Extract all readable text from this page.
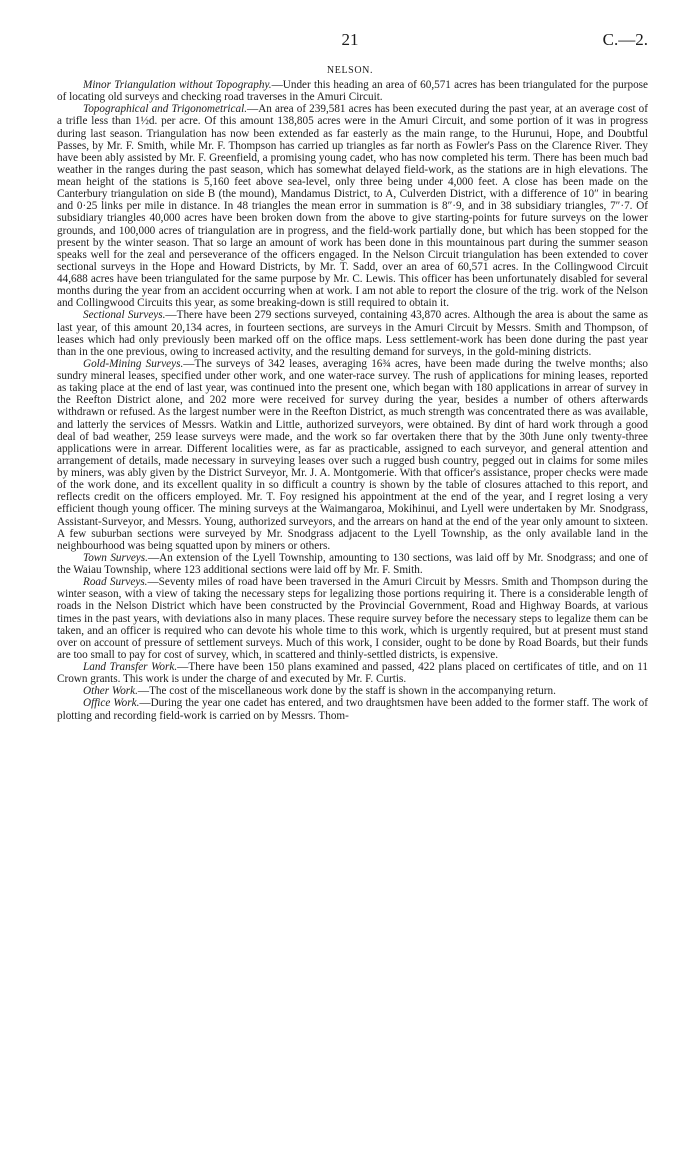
21	C.—2.
NELSON.

Minor Triangulation without Topography.—Under this heading an area of 60,571 acres has been triangulated for the purpose of locating old surveys and checking road traverses in the Amuri Circuit.

Topographical and Trigonometrical.—An area of 239,581 acres has been executed during the past year, at an average cost of a trifle less than 1½d. per acre. Of this amount 138,805 acres were in the Amuri Circuit, and some portion of it was in progress during last season. Triangulation has now been extended as far easterly as the main range, to the Hurunui, Hope, and Doubtful Passes, by Mr. F. Smith, while Mr. F. Thompson has carried up triangles as far north as Fowler's Pass on the Clarence River. They have been ably assisted by Mr. F. Greenfield, a promising young cadet, who has now completed his term. There has been much bad weather in the ranges during the past season, which has somewhat delayed field-work, as the stations are in high elevations. The mean height of the stations is 5,160 feet above sea-level, only three being under 4,000 feet. A close has been made on the Canterbury triangulation on side B (the mound), Mandamus District, to A, Culverden District, with a difference of 10″ in bearing and 0·25 links per mile in distance. In 48 triangles the mean error in summation is 8″·9, and in 38 subsidiary triangles, 7″·7. Of subsidiary triangles 40,000 acres have been broken down from the above to give starting-points for future surveys on the lower grounds, and 100,000 acres of triangulation are in progress, and the field-work partially done, but which has been stopped for the present by the winter season. That so large an amount of work has been done in this mountainous part during the summer season speaks well for the zeal and perseverance of the officers engaged. In the Nelson Circuit triangulation has been extended to cover sectional surveys in the Hope and Howard Districts, by Mr. T. Sadd, over an area of 60,571 acres. In the Collingwood Circuit 44,688 acres have been triangulated for the same purpose by Mr. C. Lewis. This officer has been unfortunately disabled for several months during the year from an accident occurring when at work. I am not able to report the closure of the trig. work of the Nelson and Collingwood Circuits this year, as some breaking-down is still required to obtain it.

Sectional Surveys.—There have been 279 sections surveyed, containing 43,870 acres. Although the area is about the same as last year, of this amount 20,134 acres, in fourteen sections, are surveys in the Amuri Circuit by Messrs. Smith and Thompson, of leases which had only previously been marked off on the office maps. Less settlement-work has been done during the past year than in the one previous, owing to increased activity, and the resulting demand for surveys, in the gold-mining districts.

Gold-Mining Surveys.—The surveys of 342 leases, averaging 16¾ acres, have been made during the twelve months; also sundry mineral leases, specified under other work, and one water-race survey. The rush of applications for mining leases, reported as taking place at the end of last year, was continued into the present one, which began with 180 applications in arrear of survey in the Reefton District alone, and 202 more were received for survey during the year, besides a number of others afterwards withdrawn or refused. As the largest number were in the Reefton District, as much strength was concentrated there as was available, and latterly the services of Messrs. Watkin and Little, authorized surveyors, were obtained. By dint of hard work through a good deal of bad weather, 259 lease surveys were made, and the work so far overtaken there that by the 30th June only twenty-three applications were in arrear. Different localities were, as far as practicable, assigned to each surveyor, and general attention and arrangement of details, made necessary in surveying leases over such a rugged bush country, pegged out in claims for some miles by miners, was ably given by the District Surveyor, Mr. J. A. Montgomerie. With that officer's assistance, proper checks were made of the work done, and its excellent quality in so difficult a country is shown by the table of closures attached to this report, and reflects credit on the officers employed. Mr. T. Foy resigned his appointment at the end of the year, and I regret losing a very efficient though young officer. The mining surveys at the Waimangaroa, Mokihinui, and Lyell were undertaken by Mr. Snodgrass, Assistant-Surveyor, and Messrs. Young, authorized surveyors, and the arrears on hand at the end of the year only amount to sixteen. A few suburban sections were surveyed by Mr. Snodgrass adjacent to the Lyell Township, as the only available land in the neighbourhood was being squatted upon by miners or others.

Town Surveys.—An extension of the Lyell Township, amounting to 130 sections, was laid off by Mr. Snodgrass; and one of the Waiau Township, where 123 additional sections were laid off by Mr. F. Smith.

Road Surveys.—Seventy miles of road have been traversed in the Amuri Circuit by Messrs. Smith and Thompson during the winter season, with a view of taking the necessary steps for legalizing those portions requiring it. There is a considerable length of roads in the Nelson District which have been constructed by the Provincial Government, Road and Highway Boards, at various times in the past years, with deviations also in many places. These require survey before the necessary steps to legalize them can be taken, and an officer is required who can devote his whole time to this work, which is urgently required, but at present must stand over on account of pressure of settlement surveys. Much of this work, I consider, ought to be done by Road Boards, but their funds are too small to pay for cost of survey, which, in scattered and thinly-settled districts, is expensive.

Land Transfer Work.—There have been 150 plans examined and passed, 422 plans placed on certificates of title, and on 11 Crown grants. This work is under the charge of and executed by Mr. F. Curtis.

Other Work.—The cost of the miscellaneous work done by the staff is shown in the accompanying return.

Office Work.—During the year one cadet has entered, and two draughtsmen have been added to the former staff. The work of plotting and recording field-work is carried on by Messrs. Thom-
